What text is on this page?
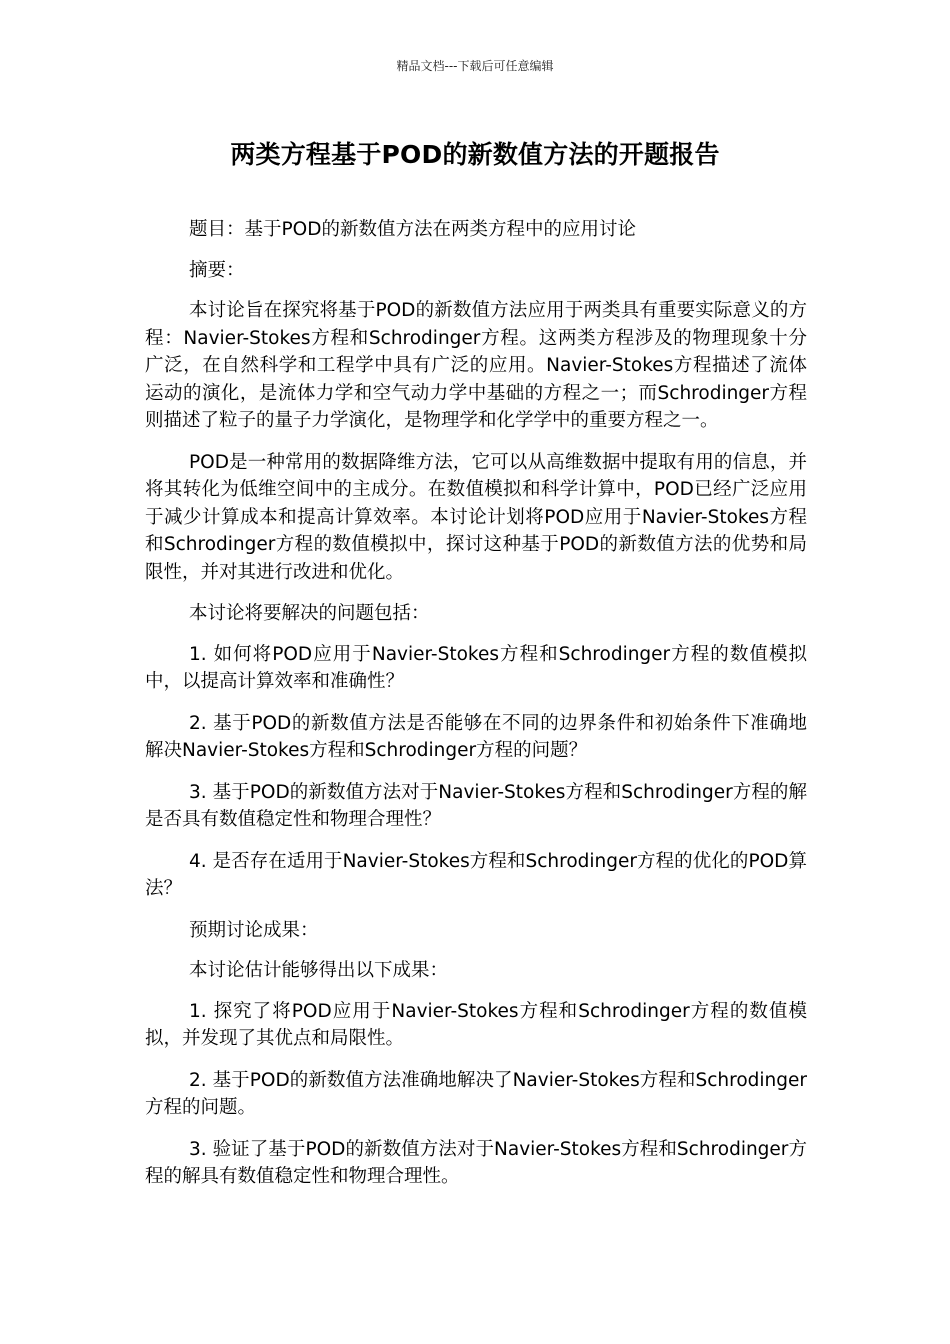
精品文档---下载后可任意编辑
两类方程基于POD的新数值方法的开题报告

题目：基于POD的新数值方法在两类方程中的应用讨论

摘要：

本讨论旨在探究将基于POD的新数值方法应用于两类具有重要实际意义的方程：Navier-Stokes方程和Schrodinger方程。这两类方程涉及的物理现象十分广泛，在自然科学和工程学中具有广泛的应用。Navier-Stokes方程描述了流体运动的演化，是流体力学和空气动力学中基础的方程之一；而Schrodinger方程则描述了粒子的量子力学演化，是物理学和化学学中的重要方程之一。

POD是一种常用的数据降维方法，它可以从高维数据中提取有用的信息，并将其转化为低维空间中的主成分。在数值模拟和科学计算中，POD已经广泛应用于减少计算成本和提高计算效率。本讨论计划将POD应用于Navier-Stokes方程和Schrodinger方程的数值模拟中，探讨这种基于POD的新数值方法的优势和局限性，并对其进行改进和优化。

本讨论将要解决的问题包括：

1. 如何将POD应用于Navier-Stokes方程和Schrodinger方程的数值模拟中，以提高计算效率和准确性？

2. 基于POD的新数值方法是否能够在不同的边界条件和初始条件下准确地解决Navier-Stokes方程和Schrodinger方程的问题？

3. 基于POD的新数值方法对于Navier-Stokes方程和Schrodinger方程的解是否具有数值稳定性和物理合理性？

4. 是否存在适用于Navier-Stokes方程和Schrodinger方程的优化的POD算法？

预期讨论成果：

本讨论估计能够得出以下成果：

1. 探究了将POD应用于Navier-Stokes方程和Schrodinger方程的数值模拟，并发现了其优点和局限性。

2. 基于POD的新数值方法准确地解决了Navier-Stokes方程和Schrodinger方程的问题。

3. 验证了基于POD的新数值方法对于Navier-Stokes方程和Schrodinger方程的解具有数值稳定性和物理合理性。
